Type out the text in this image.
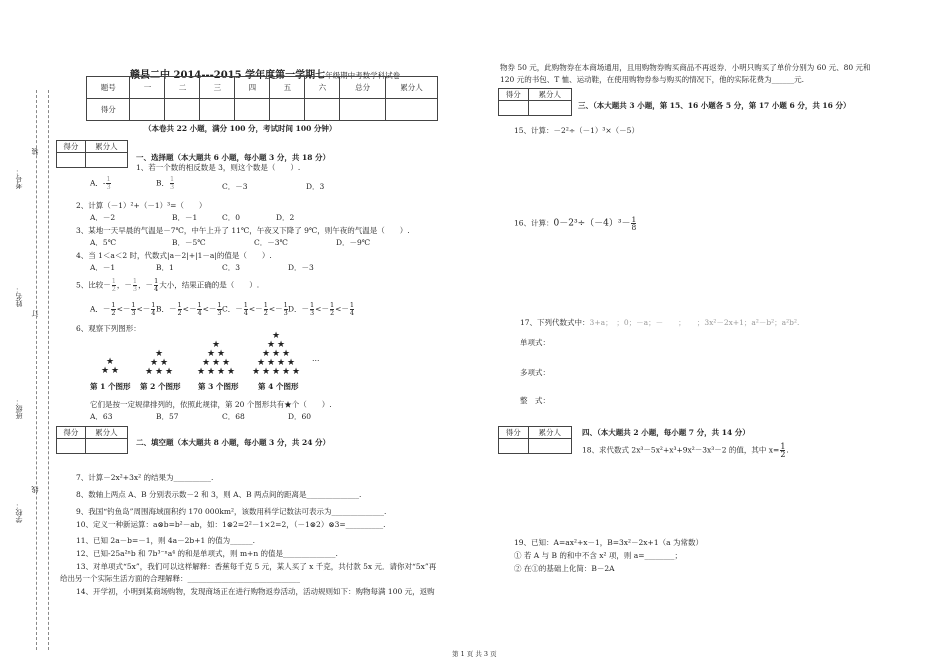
考号：
姓名：
班级：
学校：
装
订
线
赣县二中 2014---2015 学年度第一学期七年级期中考数学科试卷
题号	一	二	三	四	五	六	总分	累分人
得分								
（本卷共 22 小题，满分 100 分，考试时间 100 分钟）
得分	累分人

一、选择题（本大题共 6 小题，每小题 3 分，共 18 分）
1、若一个数的相反数是 3，则这个数是（　　）.
A．- $\frac{1}{3}$	B． $\frac{1}{3}$	C．－3	D．3
2、计算（－1）²+（－1）³=（　　）
A．－2	B．－1	C．0	D．2
3、某地一天早晨的气温是－7℃，中午上升了 11℃，午夜又下降了 9℃，则午夜的气温是（　　）.
A．5℃	B．－5℃	C．－3℃	D．－9℃
4、当 1＜a＜2 时，代数式|a－2|+|1－a|的值是（　　）.
A．－1	B．1	C．3	D．－3
5、比较－ $\frac{1}{2}$ ，－ $\frac{1}{3}$ ，－ $\frac{1}{4}$ 大小，结果正确的是（　　）.
A．－ $\frac{1}{2} <- \frac{1}{3} <- \frac{1}{4}$ B．－ $\frac{1}{2} <- \frac{1}{4} <- \frac{1}{3}$ C．－ $\frac{1}{4} <- \frac{1}{2} <- \frac{1}{3}$ D．－ $\frac{1}{3} <- \frac{1}{2} <- \frac{1}{4}$
6、观察下列图形：
★
★ ★
★
★ ★
★ ★ ★
★
★ ★
★ ★ ★
★ ★ ★ ★
★
★ ★
★ ★ ★
★ ★ ★ ★
★ ★ ★ ★ ★
…
第 1 个图形 第 2 个图形 第 3 个图形	第 4 个图形
它们是按一定规律排列的，依照此规律，第 20 个图形共有★个（　　）.
A．63	B．57	C．68	D．60
得分	累分人

二、填空题（本大题共 8 小题，每小题 3 分，共 24 分）
7、计算－2x²+3x² 的结果为__________.
8、数轴上两点 A、B 分别表示数－2 和 3，则 A、B 两点间的距离是______________.
9、我国“钓鱼岛”周围海域面积约 170 000km²，该数用科学记数法可表示为______________.
10、定义一种新运算：a⊗b=b²－ab，如：1⊗2=2²－1×2=2，（－1⊗2）⊗3=__________.
11、已知 2a－b=－1，则 4a－2b+1 的值为______.
12、已知-25a²ⁿb 和 7b³⁻ⁿa⁴ 的和是单项式，则 m+n 的值是______________.
13、对单项式“5x”，我们可以这样解释：香蕉每千克 5 元，某人买了 x 千克，共付款 5x 元．请你对“5x”再
给出另一个实际生活方面的合理解释：______________________________
14、开学初，小明到某商场购物，发现商场正在进行购物返券活动，活动规则如下：购物每满 100 元，返购
物券 50 元，此购物券在本商场通用，且用购物券购买商品不再返券．小明只购买了单价分别为 60 元、80 元和
120 元的书包、T 恤、运动鞋，在使用购物券参与购买的情况下，他的实际花费为______元.
得分	累分人

三、（本大题共 3 小题，第 15、16 小题各 5 分，第 17 小题 6 分，共 16 分）
15、计算：－2²÷（－1）³×（－5）
16、计算：$0-2^3\div(-4)^3- \frac{1}{8}$
17、下列代数式中：3+a；　；0；－a；－　　；　　；3x²－2x+1；a²－b²；a²b².
单项式：
多项式：
整　式：
得分	累分人
		四、（本大题共 2 小题，每小题 7 分，共 14 分）
18、求代数式 2x³－5x²+x³+9x²－3x³－2 的值，其中 $x= \frac{1}{2}$ .
19、已知：A=ax²+x－1，B=3x²－2x+1（a 为常数）
① 若 A 与 B 的和中不含 x² 项，则 a=________；
② 在①的基础上化简：B－2A
第 1 页 共 3 页
